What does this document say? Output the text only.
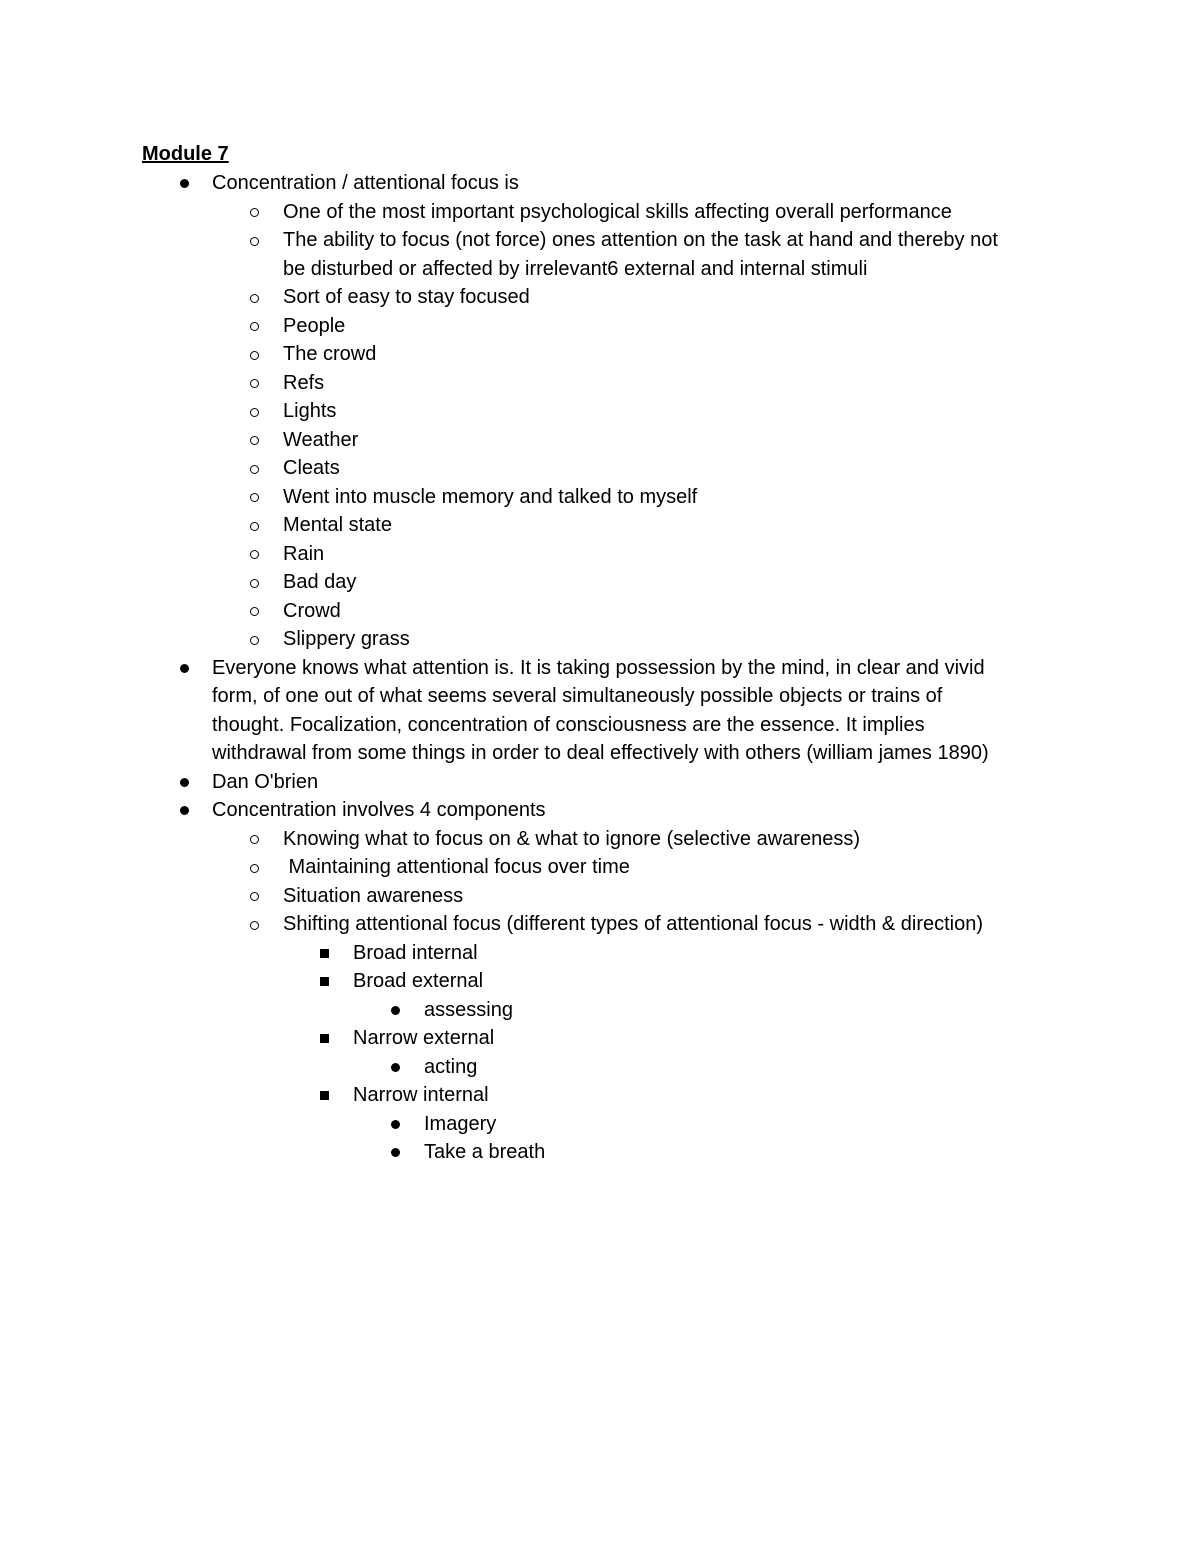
Module 7
Concentration / attentional focus is
One of the most important psychological skills affecting overall performance
The ability to focus (not force) ones attention on the task at hand and thereby not
be disturbed or affected by irrelevant6 external and internal stimuli
Sort of easy to stay focused
People
The crowd
Refs
Lights
Weather
Cleats
Went into muscle memory and talked to myself
Mental state
Rain
Bad day
Crowd
Slippery grass
Everyone knows what attention is. It is taking possession by the mind, in clear and vivid
form, of one out of what seems several simultaneously possible objects or trains of
thought. Focalization, concentration of consciousness are the essence. It implies
withdrawal from some things in order to deal effectively with others (william james 1890)
Dan O'brien
Concentration involves 4 components
Knowing what to focus on & what to ignore (selective awareness)
Maintaining attentional focus over time
Situation awareness
Shifting attentional focus (different types of attentional focus - width & direction)
Broad internal
Broad external
assessing
Narrow external
acting
Narrow internal
Imagery
Take a breath
